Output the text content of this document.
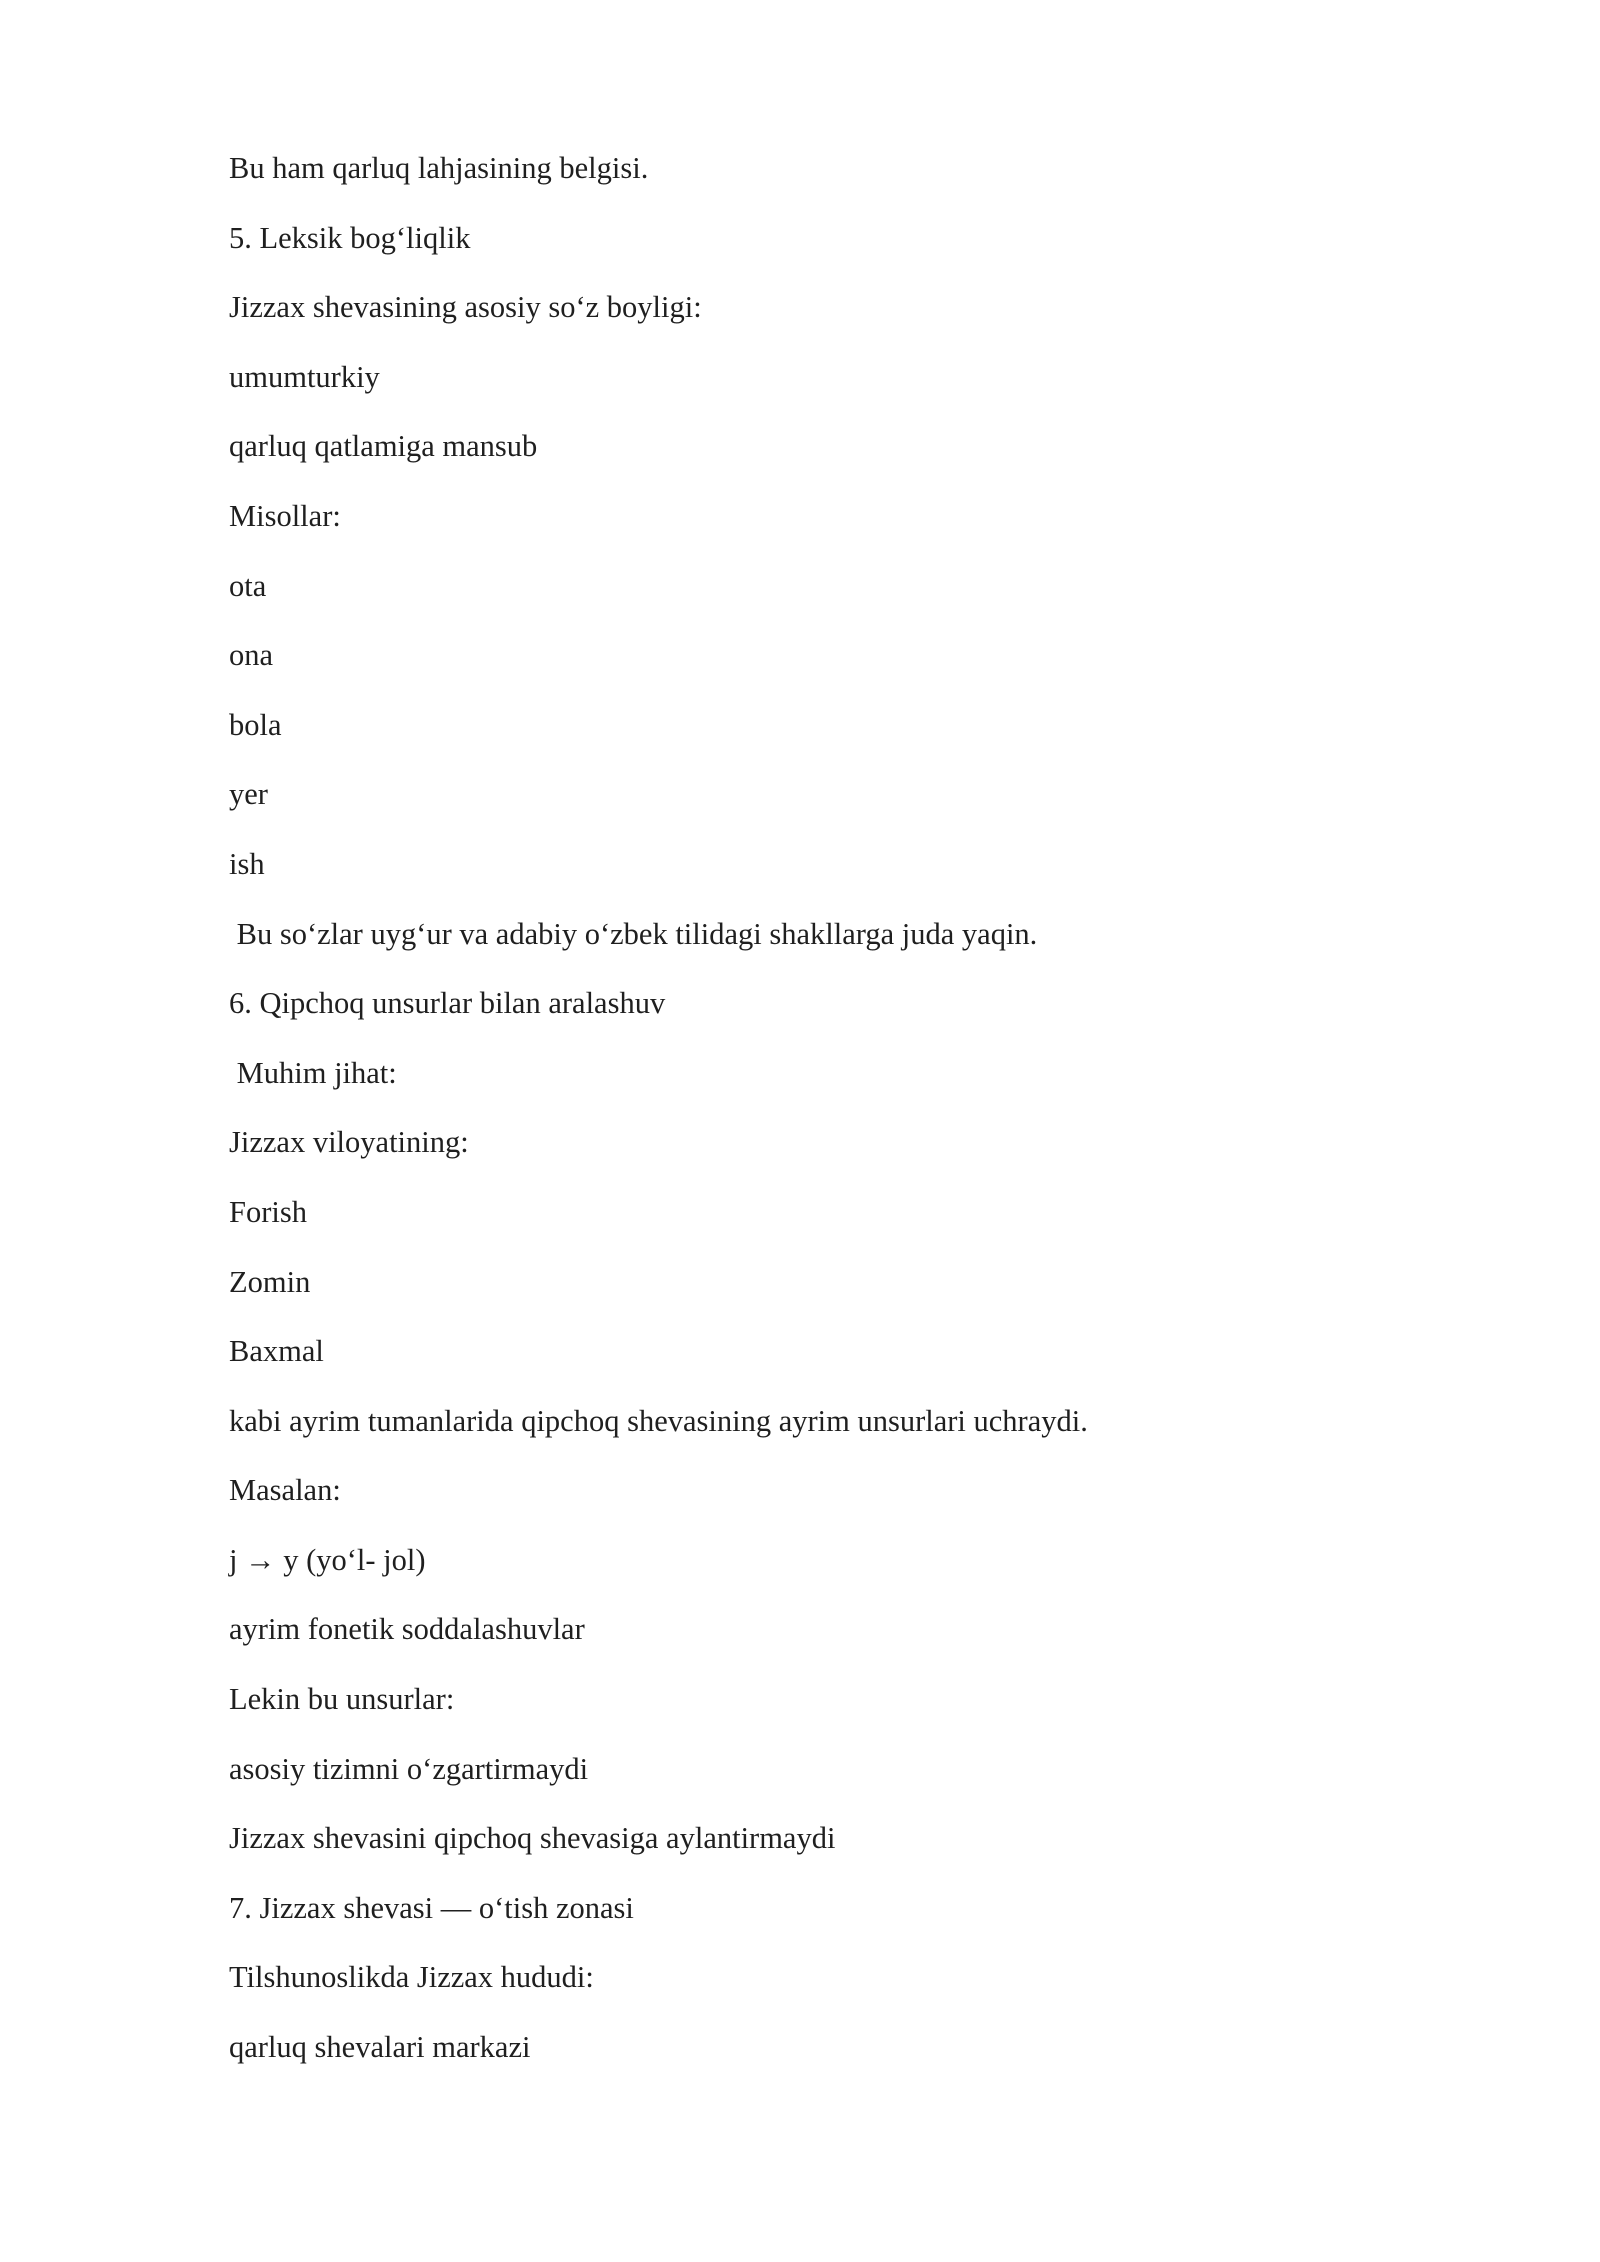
Bu ham qarluq lahjasining belgisi.
5. Leksik bog‘liqlik
Jizzax shevasining asosiy so‘z boyligi:
umumturkiy
qarluq qatlamiga mansub
Misollar:
ota
ona
bola
yer
ish
Bu so‘zlar uyg‘ur va adabiy o‘zbek tilidagi shakllarga juda yaqin.
6. Qipchoq unsurlar bilan aralashuv
Muhim jihat:
Jizzax viloyatining:
Forish
Zomin
Baxmal
kabi ayrim tumanlarida qipchoq shevasining ayrim unsurlari uchraydi.
Masalan:
j → y (yo‘l- jol)
ayrim fonetik soddalashuvlar
Lekin bu unsurlar:
asosiy tizimni o‘zgartirmaydi
Jizzax shevasini qipchoq shevasiga aylantirmaydi
7. Jizzax shevasi — o‘tish zonasi
Tilshunoslikda Jizzax hududi:
qarluq shevalari markazi
